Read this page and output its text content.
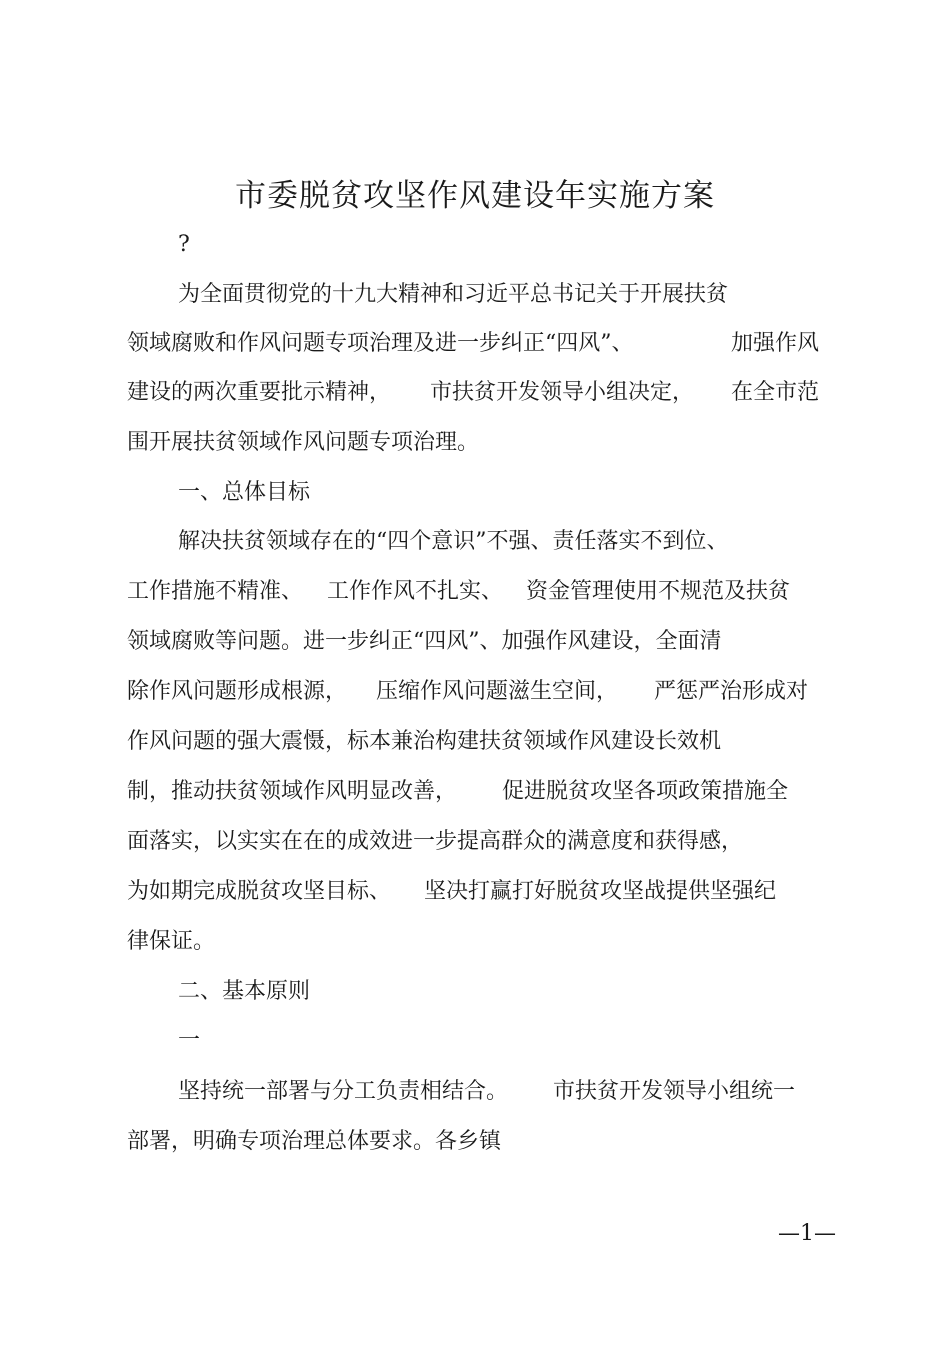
市委脱贫攻坚作风建设年实施方案
?
为全面贯彻党的十九大精神和习近平总书记关于开展扶贫
领域腐败和作风问题专项治理及进一步纠正“四风”、	加强作风
建设的两次重要批示精神， 市扶贫开发领导小组决定， 在全市范
围开展扶贫领域作风问题专项治理。
一、总体目标
解决扶贫领域存在的“四个意识”不强、责任落实不到位、
工作措施不精准、 工作作风不扎实、 资金管理使用不规范及扶贫
领域腐败等问题。进一步纠正“四风”、加强作风建设，全面清
除作风问题形成根源， 压缩作风问题滋生空间， 严惩严治形成对
作风问题的强大震慑，标本兼治构建扶贫领域作风建设长效机
制，推动扶贫领域作风明显改善， 促进脱贫攻坚各项政策措施全
面落实，以实实在在的成效进一步提高群众的满意度和获得感，
为如期完成脱贫攻坚目标、 坚决打赢打好脱贫攻坚战提供坚强纪
律保证。
二、基本原则
一
坚持统一部署与分工负责相结合。 市扶贫开发领导小组统一
部署，明确专项治理总体要求。各乡镇
—1—
